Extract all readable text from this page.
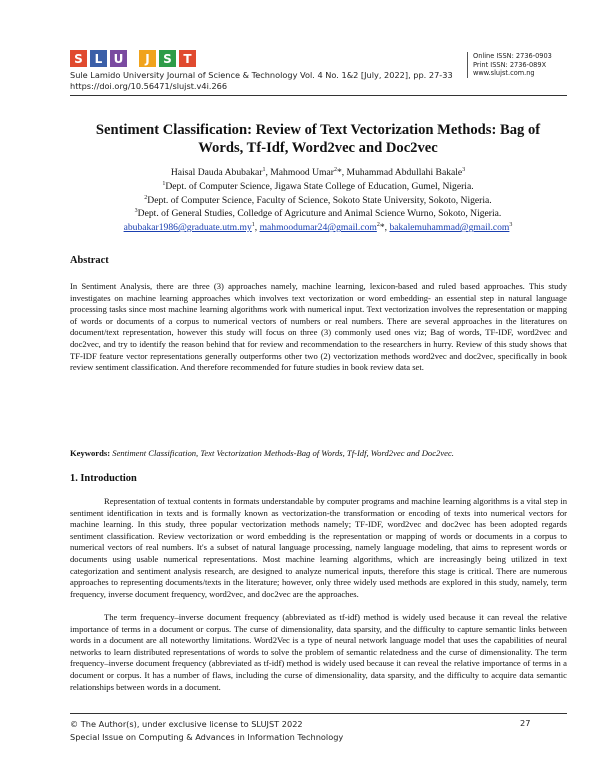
S L U	J	S T
Sule Lamido University Journal of Science & Technology Vol. 4 No. 1&2 [July, 2022], pp. 27-33
https://doi.org/10.56471/slujst.v4i.266
Online ISSN: 2736-0903
Print ISSN: 2736-089X
www.slujst.com.ng
Sentiment Classification: Review of Text Vectorization Methods: Bag of
Words, Tf-Idf, Word2vec and Doc2vec
Haisal Dauda Abubakar$^1$, Mahmood Umar$^2$*, Muhammad Abdullahi Bakale$^3$
$^1$Dept. of Computer Science, Jigawa State College of Education, Gumel, Nigeria.
$^2$Dept. of Computer Science, Faculty of Science, Sokoto State University, Sokoto, Nigeria.
$^3$Dept. of General Studies, Colledge of Agricuture and Animal Science Wurno, Sokoto, Nigeria.
$abubakar1986@graduate.utm.my^1$, mahmoodumar24@gmail.com$^2$*, bakalemuhammad@gmail.com$^3$
Abstract

In Sentiment Analysis, there are three (3) approaches namely, machine learning, lexicon-based and ruled based approaches. This study investigates on machine learning approaches which involves text vectorization or word embedding- an essential step in natural language processing tasks since most machine learning algorithms work with numerical input. Text vectorization involves the representation or mapping of words or documents of a corpus to numerical vectors of numbers or real numbers. There are several approaches in the literatures on document/text representation, however this study will focus on three (3) commonly used ones viz; Bag of words, TF-IDF, word2vec and doc2vec, and try to identify the reason behind that for review and recommendation to the researchers in hurry. Review of this study shows that TF-IDF feature vector representations generally outperforms other two (2) vectorization methods word2vec and doc2vec, specifically in book review sentiment classification. And therefore recommended for future studies in book review data set.

Keywords: Sentiment Classification, Text Vectorization Methods-Bag of Words, Tf-Idf, Word2vec and Doc2vec.
1. Introduction

Representation of textual contents in formats understandable by computer programs and machine learning algorithms is a vital step in sentiment identification in texts and is formally known as vectorization-the transformation or encoding of texts into numerical vectors for machine learning. In this study, three popular vectorization methods namely; TF-IDF, word2vec and doc2vec has been adopted regards sentiment classification. Review vectorization or word embedding is the representation or mapping of words or documents in a corpus to numerical vectors of real numbers. It's a subset of natural language processing, namely language modeling, that aims to represent words or documents using usable numerical representations. Most machine learning algorithms, which are increasingly being utilized in text categorization and sentiment analysis research, are designed to analyze numerical inputs, therefore this stage is critical. There are numerous approaches to representing documents/texts in the literature; however, only three widely used methods are explored in this study, namely, term frequency, inverse document frequency, word2vec, and doc2vec are the approaches.

The term frequency–inverse document frequency (abbreviated as tf-idf) method is widely used because it can reveal the relative importance of terms in a document or corpus. The curse of dimensionality, data sparsity, and the difficulty to capture semantic links between words in a document are all noteworthy limitations. Word2Vec is a type of neural network language model that uses the capabilities of neural networks to learn distributed representations of words to solve the problem of semantic relatedness and the curse of dimensionality. The term frequency–inverse document frequency (abbreviated as tf-idf) method is widely used because it can reveal the relative importance of terms in a document or corpus. It has a number of flaws, including the curse of dimensionality, data sparsity, and the difficulty to acquire data semantic relationships between words in a document.

© The Author(s), under exclusive license to SLUJST 2022
Special Issue on Computing & Advances in Information Technology
27
